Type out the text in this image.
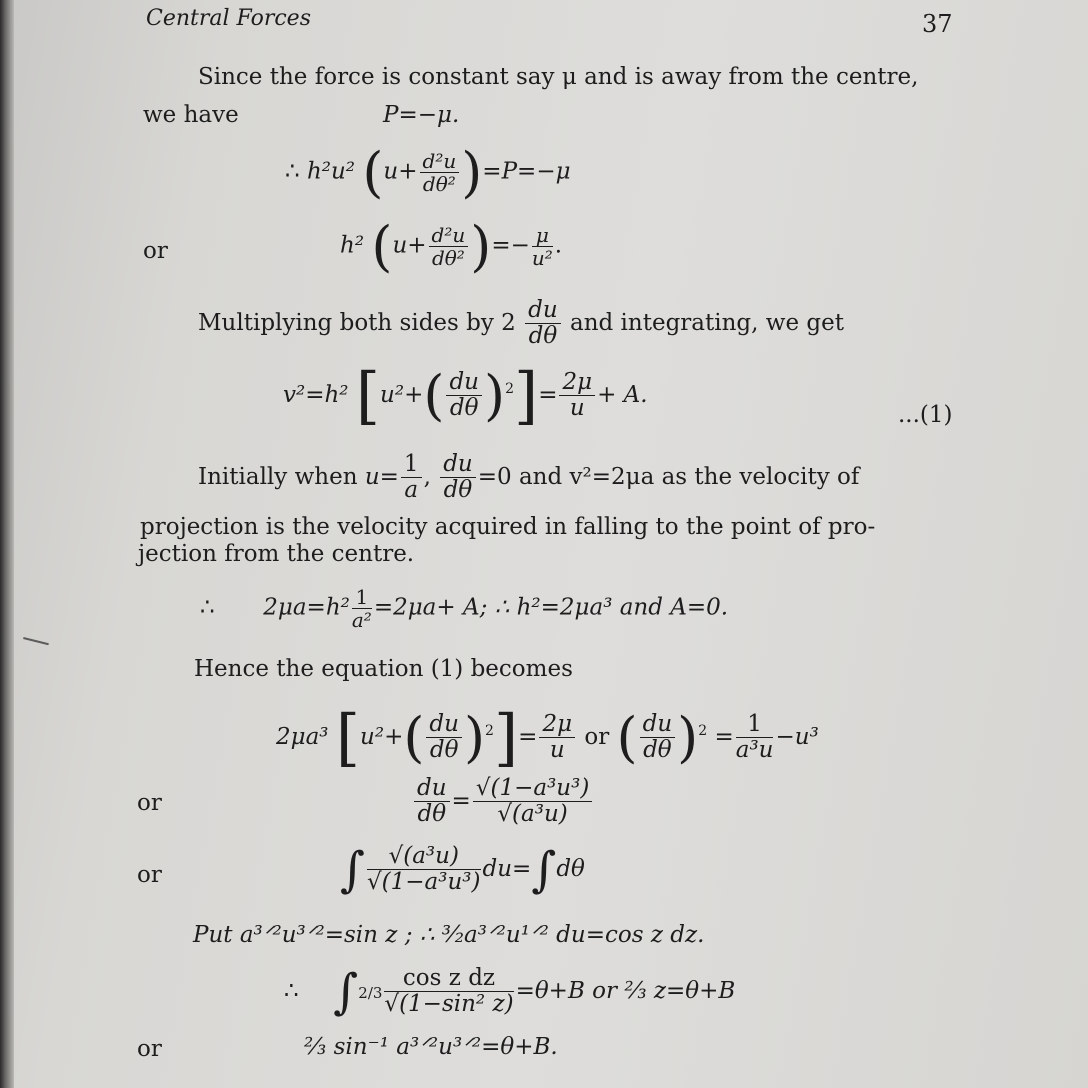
Central Forces	37
Since the force is constant say μ and is away from the centre,
we have	P=−μ.
∴ h²u² $(u+ \frac{\text{d²u}}{\text{dθ²}} )=P=-\mu$
or	h² ($u+ \frac{\text{d²u}}{\text{dθ²}}$ )=− $\frac{\mu}{\text{u²}}$ .
Multiplying both sides by $2 \frac{du}{d\theta}$ and integrating, we get
v²=h² $[u^2+( \frac{du}{d\theta} )^2]= \frac{2\mu}{u} + A$.
...(1)
Initially when $u= \frac{1}{a}$ , $\frac{du}{d\theta} =0$ and v²=2μa as the velocity of
projection is the velocity acquired in falling to the point of pro-
jection from the centre.
∴ $2\mu a=h^2 \frac{1}{\text{a²}} =2\mu a+ A$; ∴ h²=2μa³ and A=0.
Hence the equation (1) becomes
2μa³ $[u^2+( \frac{du}{d\theta} )^2]= \frac{2\mu}{u}$ or ( $\frac{du}{d\theta} )^2 = \frac{1}{\text{a³u}} -u^3$
or	$\frac{du}{d\theta} = \frac{\text{√(1−a³u³)}}{\text{√(a³u)}}$
or	∫ $\frac{\text{√(a³u)}}{\text{√(1−a³u³)}} du=\int d\theta$
Put a³ᐟ²u³ᐟ²=sin z ; ∴ ³⁄₂a³ᐟ²u¹ᐟ² du=cos z dz.
∴ $\int 2/3 \frac{\text{cos z dz}}{\text{√(1−sin² z)}} =\theta+B$ or ⅔ z=θ+B
or	⅔ sin⁻¹ a³ᐟ²u³ᐟ²=θ+B.
